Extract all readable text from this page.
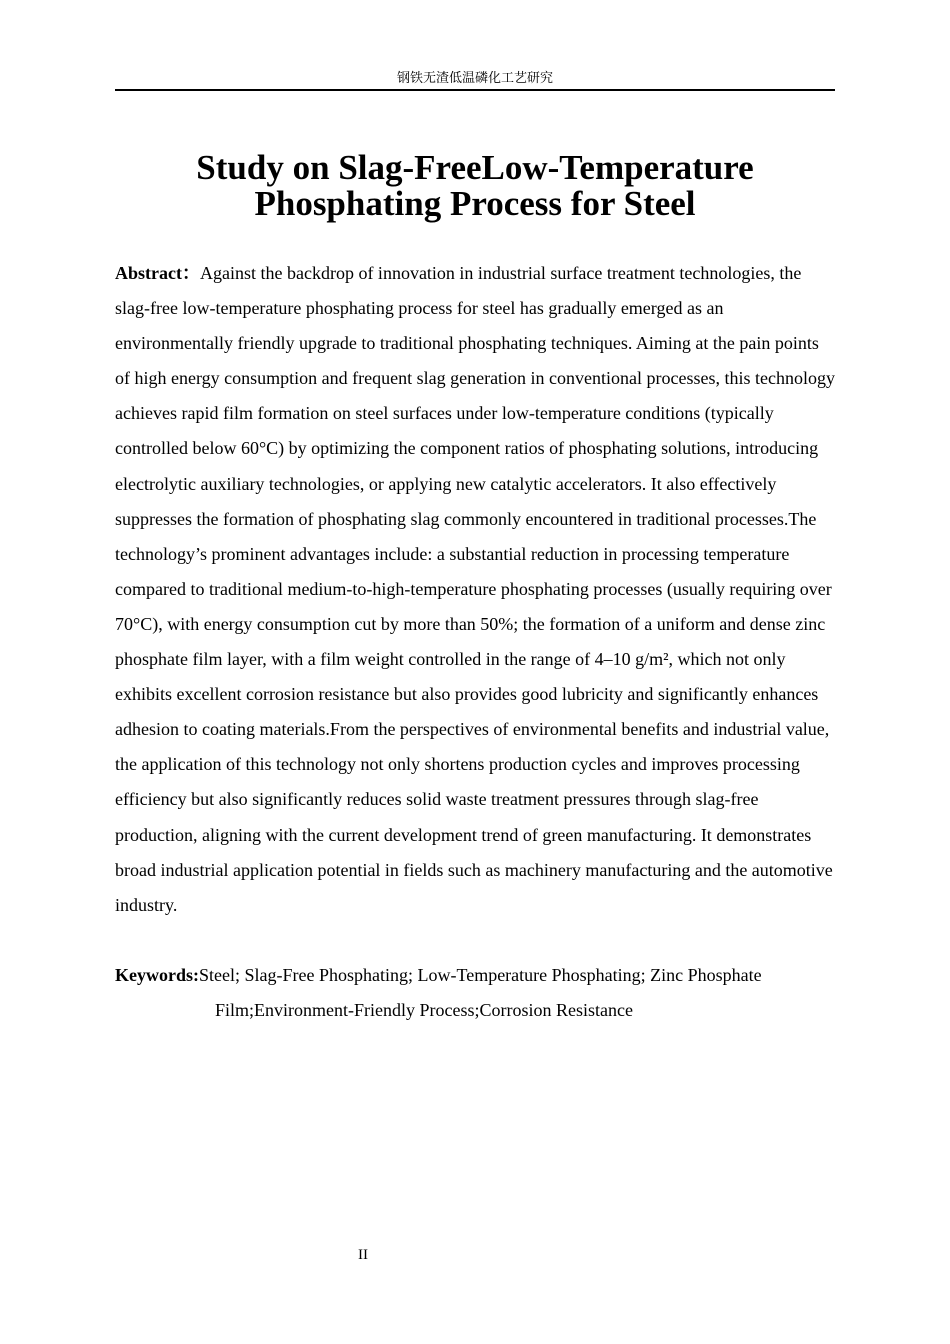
钢铁无渣低温磷化工艺研究
Study on Slag-FreeLow-Temperature
Phosphating Process for Steel

Abstract：Against the backdrop of innovation in industrial surface treatment technologies, the slag-free low-temperature phosphating process for steel has gradually emerged as an environmentally friendly upgrade to traditional phosphating techniques. Aiming at the pain points of high energy consumption and frequent slag generation in conventional processes, this technology achieves rapid film formation on steel surfaces under low-temperature conditions (typically controlled below 60°C) by optimizing the component ratios of phosphating solutions, introducing electrolytic auxiliary technologies, or applying new catalytic accelerators. It also effectively suppresses the formation of phosphating slag commonly encountered in traditional processes.The technology’s prominent advantages include: a substantial reduction in processing temperature compared to traditional medium-to-high-temperature phosphating processes (usually requiring over 70°C), with energy consumption cut by more than 50%; the formation of a uniform and dense zinc phosphate film layer, with a film weight controlled in the range of 4–10 g/m², which not only exhibits excellent corrosion resistance but also provides good lubricity and significantly enhances adhesion to coating materials.From the perspectives of environmental benefits and industrial value, the application of this technology not only shortens production cycles and improves processing efficiency but also significantly reduces solid waste treatment pressures through slag-free production, aligning with the current development trend of green manufacturing. It demonstrates broad industrial application potential in fields such as machinery manufacturing and the automotive industry.

Keywords:Steel; Slag-Free Phosphating; Low-Temperature Phosphating; Zinc Phosphate Film;Environment-Friendly Process;Corrosion Resistance

II
